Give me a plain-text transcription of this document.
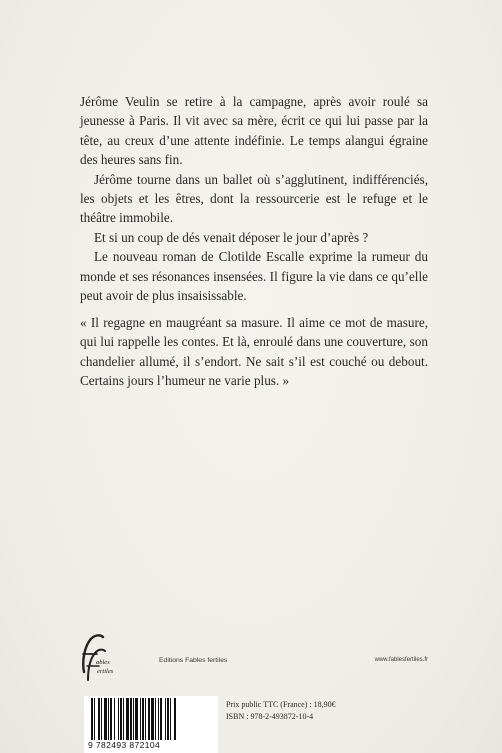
Jérôme Veulin se retire à la campagne, après avoir roulé sa jeunesse à Paris. Il vit avec sa mère, écrit ce qui lui passe par la tête, au creux d’une attente indéfinie. Le temps alangui égraine des heures sans fin.

Jérôme tourne dans un ballet où s’agglutinent, indifférenciés, les objets et les êtres, dont la ressourcerie est le refuge et le théâtre immobile.

Et si un coup de dés venait déposer le jour d’après ?

Le nouveau roman de Clotilde Escalle exprime la rumeur du monde et ses résonances insensées. Il figure la vie dans ce qu’elle peut avoir de plus insaisissable.

« Il regagne en maugréant sa masure. Il aime ce mot de masure, qui lui rappelle les contes. Et là, enroulé dans une couverture, son chandelier allumé, il s’endort. Ne sait s’il est couché ou debout. Certains jours l’humeur ne varie plus. »

ables
ertiles
Editions Fables fertiles	www.fablesfertiles.fr
9 782493 872104
Prix public TTC (France) : 18,90€
ISBN : 978-2-493872-10-4
